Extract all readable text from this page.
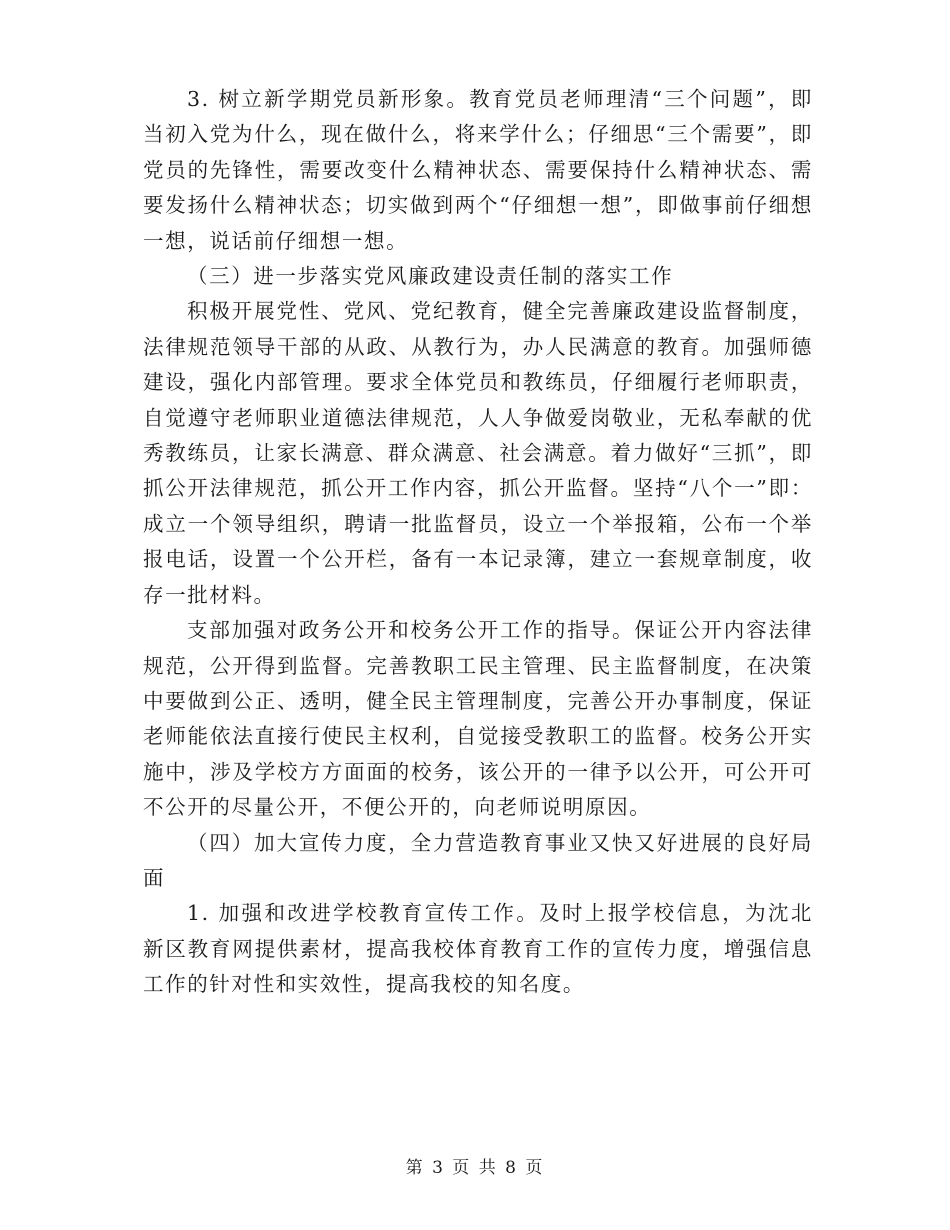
3. 树立新学期党员新形象。教育党员老师理清“三个问题”，即当初入党为什么，现在做什么，将来学什么；仔细思“三个需要”，即党员的先锋性，需要改变什么精神状态、需要保持什么精神状态、需要发扬什么精神状态；切实做到两个“仔细想一想”，即做事前仔细想一想，说话前仔细想一想。

（三）进一步落实党风廉政建设责任制的落实工作

积极开展党性、党风、党纪教育，健全完善廉政建设监督制度，法律规范领导干部的从政、从教行为，办人民满意的教育。加强师德建设，强化内部管理。要求全体党员和教练员，仔细履行老师职责，自觉遵守老师职业道德法律规范，人人争做爱岗敬业，无私奉献的优秀教练员，让家长满意、群众满意、社会满意。着力做好“三抓”，即抓公开法律规范，抓公开工作内容，抓公开监督。坚持“八个一”即：成立一个领导组织，聘请一批监督员，设立一个举报箱，公布一个举报电话，设置一个公开栏，备有一本记录簿，建立一套规章制度，收存一批材料。

支部加强对政务公开和校务公开工作的指导。保证公开内容法律规范，公开得到监督。完善教职工民主管理、民主监督制度，在决策中要做到公正、透明，健全民主管理制度，完善公开办事制度，保证老师能依法直接行使民主权利，自觉接受教职工的监督。校务公开实施中，涉及学校方方面面的校务，该公开的一律予以公开，可公开可不公开的尽量公开，不便公开的，向老师说明原因。

（四）加大宣传力度，全力营造教育事业又快又好进展的良好局面

1. 加强和改进学校教育宣传工作。及时上报学校信息，为沈北新区教育网提供素材，提高我校体育教育工作的宣传力度，增强信息工作的针对性和实效性，提高我校的知名度。

第 3 页 共 8 页
